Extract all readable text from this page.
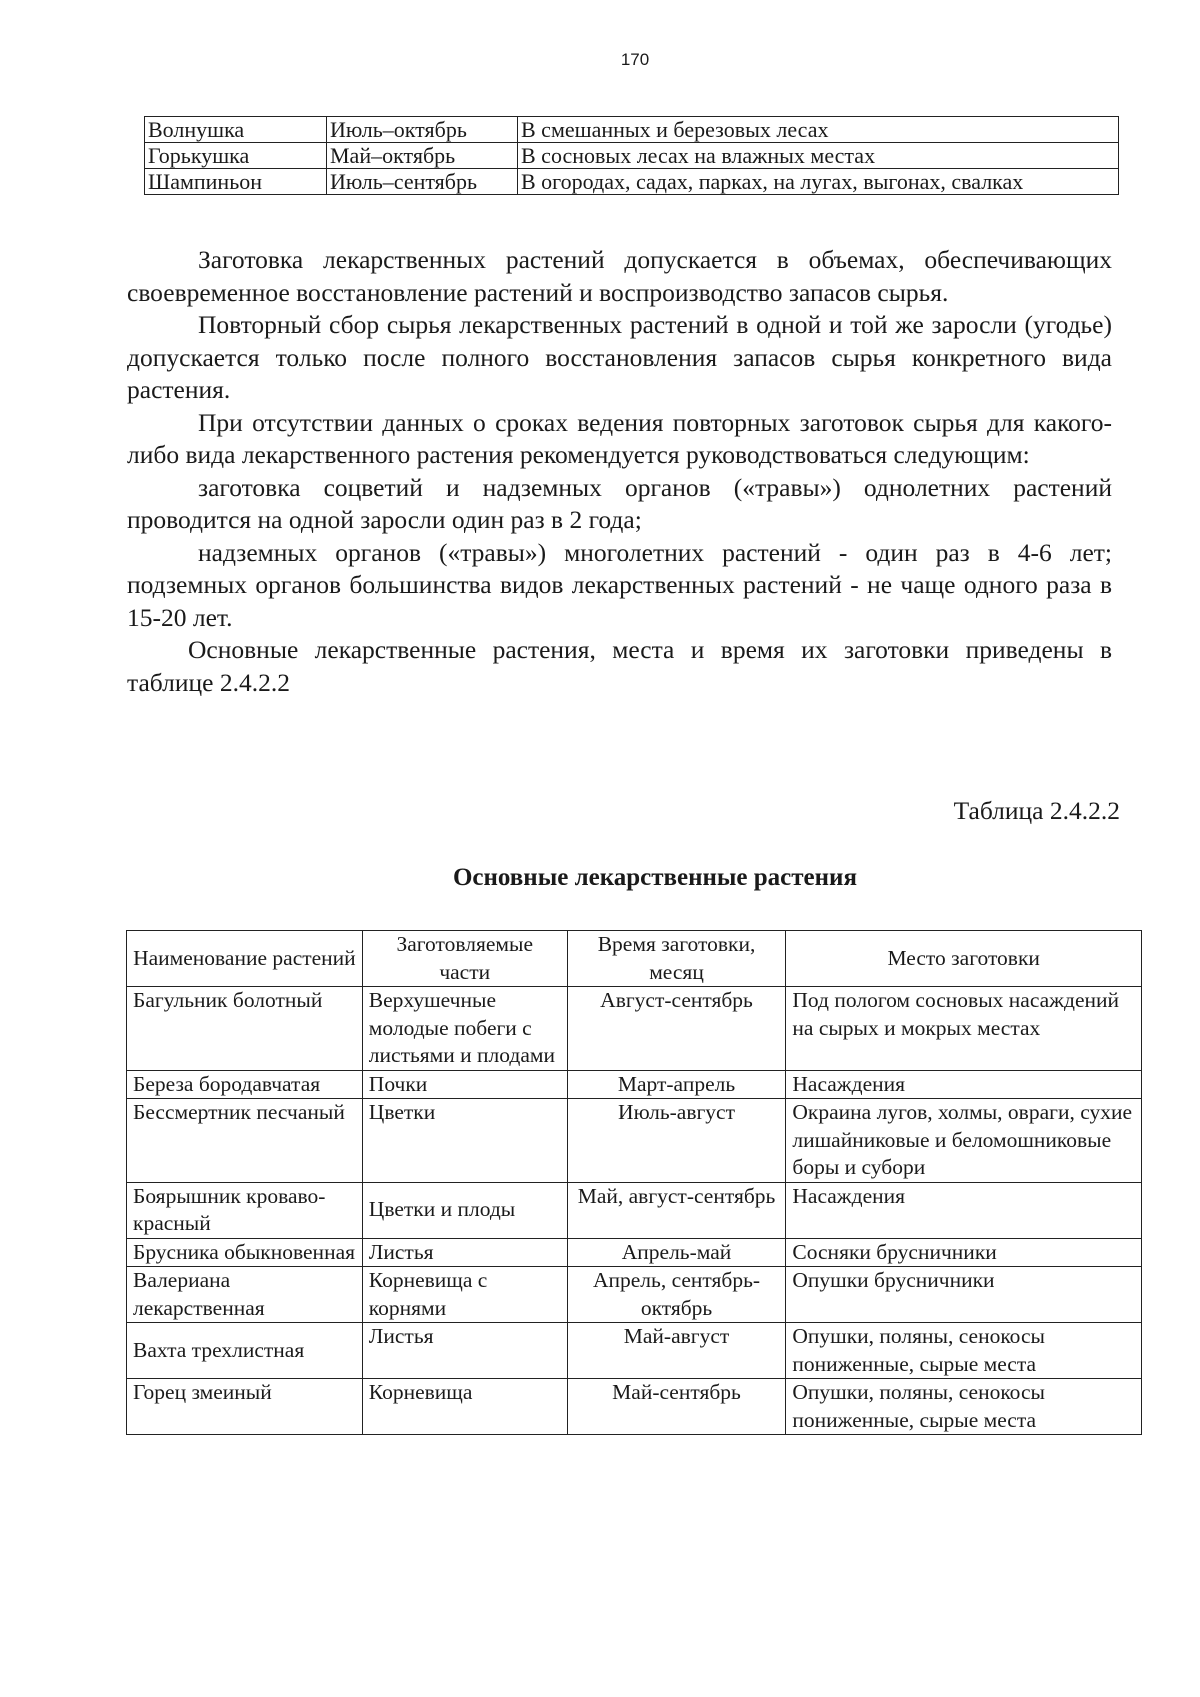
170
Волнушка	Июль–октябрь	В смешанных и березовых лесах
Горькушка	Май–октябрь	В сосновых лесах на влажных местах
Шампиньон	Июль–сентябрь	В огородах, садах, парках, на лугах, выгонах, свалках

Заготовка лекарственных растений допускается в объемах, обеспечивающих своевременное восстановление растений и воспроизводство запасов сырья.

Повторный сбор сырья лекарственных растений в одной и той же заросли (угодье) допускается только после полного восстановления запасов сырья конкретного вида растения.

При отсутствии данных о сроках ведения повторных заготовок сырья для какого-либо вида лекарственного растения рекомендуется руководствоваться следующим:

заготовка соцветий и надземных органов («травы») однолетних растений проводится на одной заросли один раз в 2 года;

надземных органов («травы») многолетних растений - один раз в 4-6 лет; подземных органов большинства видов лекарственных растений - не чаще одного раза в 15-20 лет.

Основные лекарственные растения, места и время их заготовки приведены в таблице 2.4.2.2

Таблица 2.4.2.2
Основные лекарственные растения
Наименование растений	Заготовляемые части	Время заготовки, месяц	Место заготовки
Багульник болотный	Верхушечные молодые побеги с листьями и плодами	Август-сентябрь	Под пологом сосновых насаждений на сырых и мокрых местах
Береза бородавчатая	Почки	Март-апрель	Насаждения
Бессмертник песчаный	Цветки	Июль-август	Окраина лугов, холмы, овраги, сухие лишайниковые и беломошниковые боры и субори
Боярышник кроваво-красный	Цветки и плоды	Май, август-сентябрь	Насаждения
Брусника обыкновенная	Листья	Апрель-май	Сосняки брусничники
Валериана лекарственная	Корневища с корнями	Апрель, сентябрь-октябрь	Опушки брусничники
Вахта трехлистная	Листья	Май-август	Опушки, поляны, сенокосы пониженные, сырые места
Горец змеиный	Корневища	Май-сентябрь	Опушки, поляны, сенокосы пониженные, сырые места
